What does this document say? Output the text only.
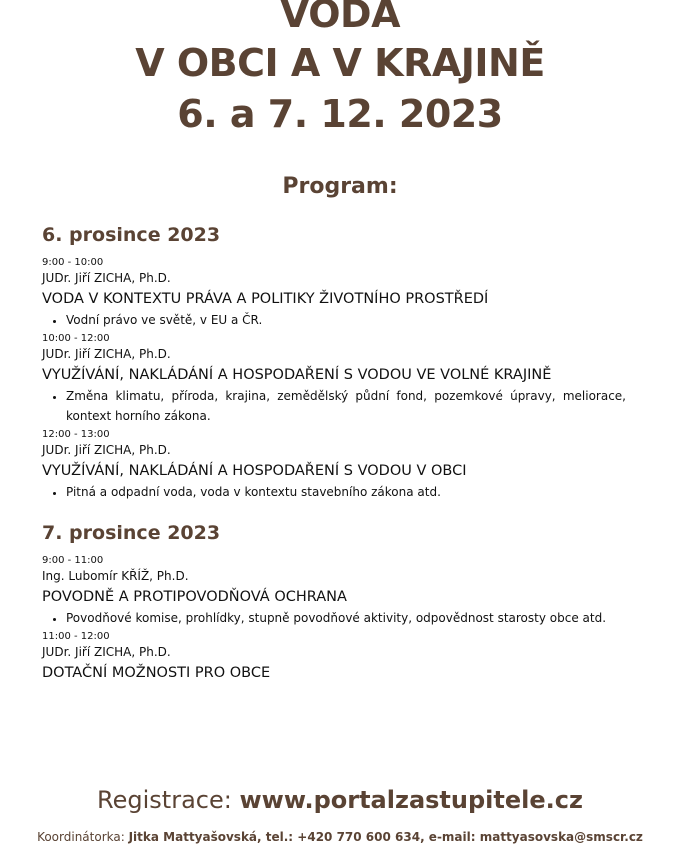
VODA
V OBCI A V KRAJINĚ
6. a 7. 12. 2023
Program:
6. prosince 2023
9:00 - 10:00
JUDr. Jiří ZICHA, Ph.D.
VODA V KONTEXTU PRÁVA A POLITIKY ŽIVOTNÍHO PROSTŘEDÍ
• Vodní právo ve světě, v EU a ČR.
10:00 - 12:00
JUDr. Jiří ZICHA, Ph.D.
VYUŽÍVÁNÍ, NAKLÁDÁNÍ A HOSPODAŘENÍ S VODOU VE VOLNÉ KRAJINĚ
• Změna klimatu, příroda, krajina, zemědělský půdní fond, pozemkové úpravy, meliorace, kontext horního zákona.
12:00 - 13:00
JUDr. Jiří ZICHA, Ph.D.
VYUŽÍVÁNÍ, NAKLÁDÁNÍ A HOSPODAŘENÍ S VODOU V OBCI
• Pitná a odpadní voda, voda v kontextu stavebního zákona atd.
7. prosince 2023
9:00 - 11:00
Ing. Lubomír KŘÍŽ, Ph.D.
POVODNĚ A PROTIPOVODŇOVÁ OCHRANA
• Povodňové komise, prohlídky, stupně povodňové aktivity, odpovědnost starosty obce atd.
11:00 - 12:00
JUDr. Jiří ZICHA, Ph.D.
DOTAČNÍ MOŽNOSTI PRO OBCE
Registrace: www.portalzastupitele.cz
Koordinátorka: Jitka Mattyašovská, tel.: +420 770 600 634, e-mail: mattyasovska@smscr.cz
